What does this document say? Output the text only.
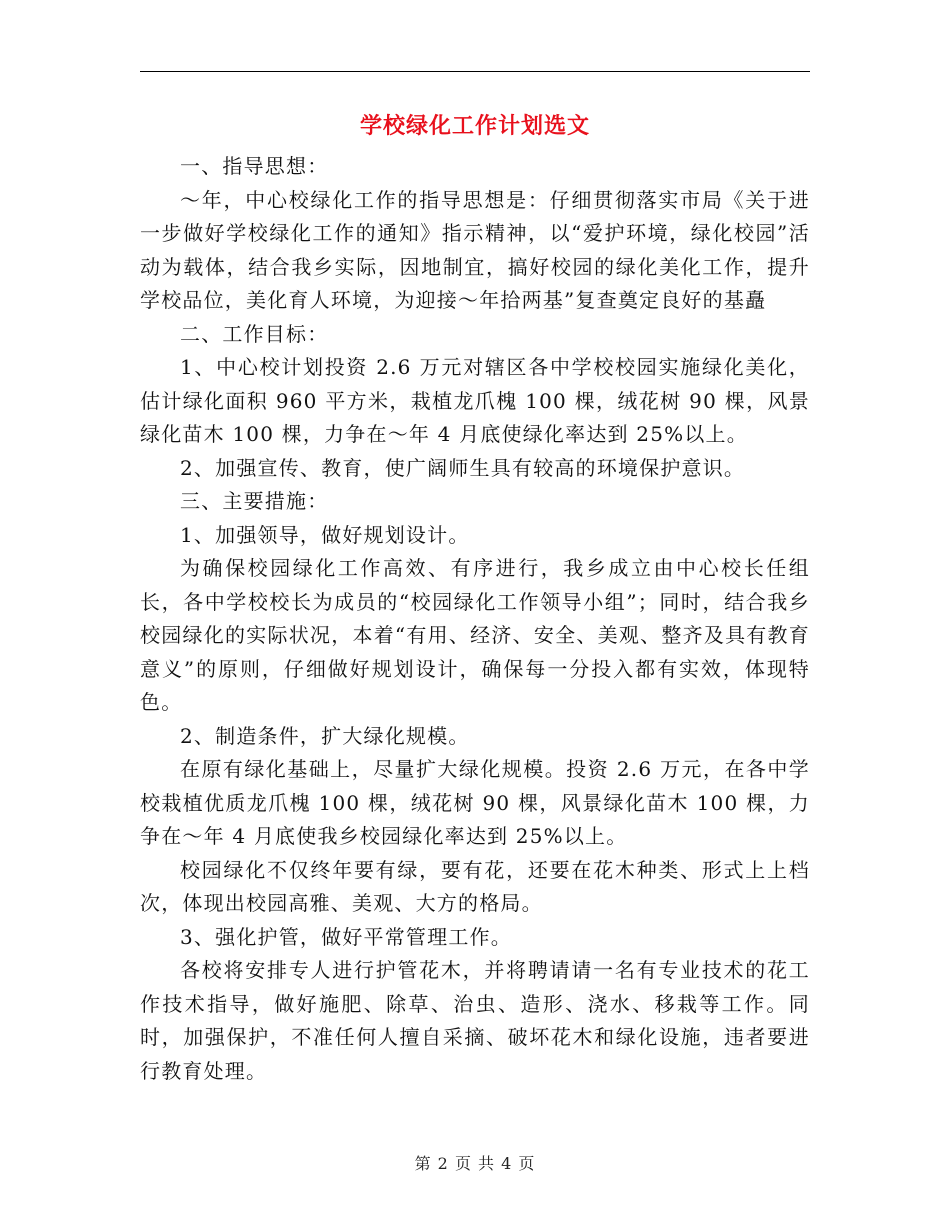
学校绿化工作计划选文

一、指导思想：

～年，中心校绿化工作的指导思想是：仔细贯彻落实市局《关于进一步做好学校绿化工作的通知》指示精神，以“爱护环境，绿化校园”活动为载体，结合我乡实际，因地制宜，搞好校园的绿化美化工作，提升学校品位，美化育人环境，为迎接～年拾两基”复查奠定良好的基矗

二、工作目标：

1、中心校计划投资 2.6 万元对辖区各中学校校园实施绿化美化，估计绿化面积 960 平方米，栽植龙爪槐 100 棵，绒花树 90 棵，风景绿化苗木 100 棵，力争在～年 4 月底使绿化率达到 25%以上。

2、加强宣传、教育，使广阔师生具有较高的环境保护意识。

三、主要措施：

1、加强领导，做好规划设计。

为确保校园绿化工作高效、有序进行，我乡成立由中心校长任组长，各中学校校长为成员的“校园绿化工作领导小组”；同时，结合我乡校园绿化的实际状况，本着“有用、经济、安全、美观、整齐及具有教育意义”的原则，仔细做好规划设计，确保每一分投入都有实效，体现特色。

2、制造条件，扩大绿化规模。

在原有绿化基础上，尽量扩大绿化规模。投资 2.6 万元，在各中学校栽植优质龙爪槐 100 棵，绒花树 90 棵，风景绿化苗木 100 棵，力争在～年 4 月底使我乡校园绿化率达到 25%以上。

校园绿化不仅终年要有绿，要有花，还要在花木种类、形式上上档次，体现出校园高雅、美观、大方的格局。

3、强化护管，做好平常管理工作。

各校将安排专人进行护管花木，并将聘请请一名有专业技术的花工作技术指导，做好施肥、除草、治虫、造形、浇水、移栽等工作。同时，加强保护，不准任何人擅自采摘、破坏花木和绿化设施，违者要进行教育处理。

第 2 页 共 4 页
